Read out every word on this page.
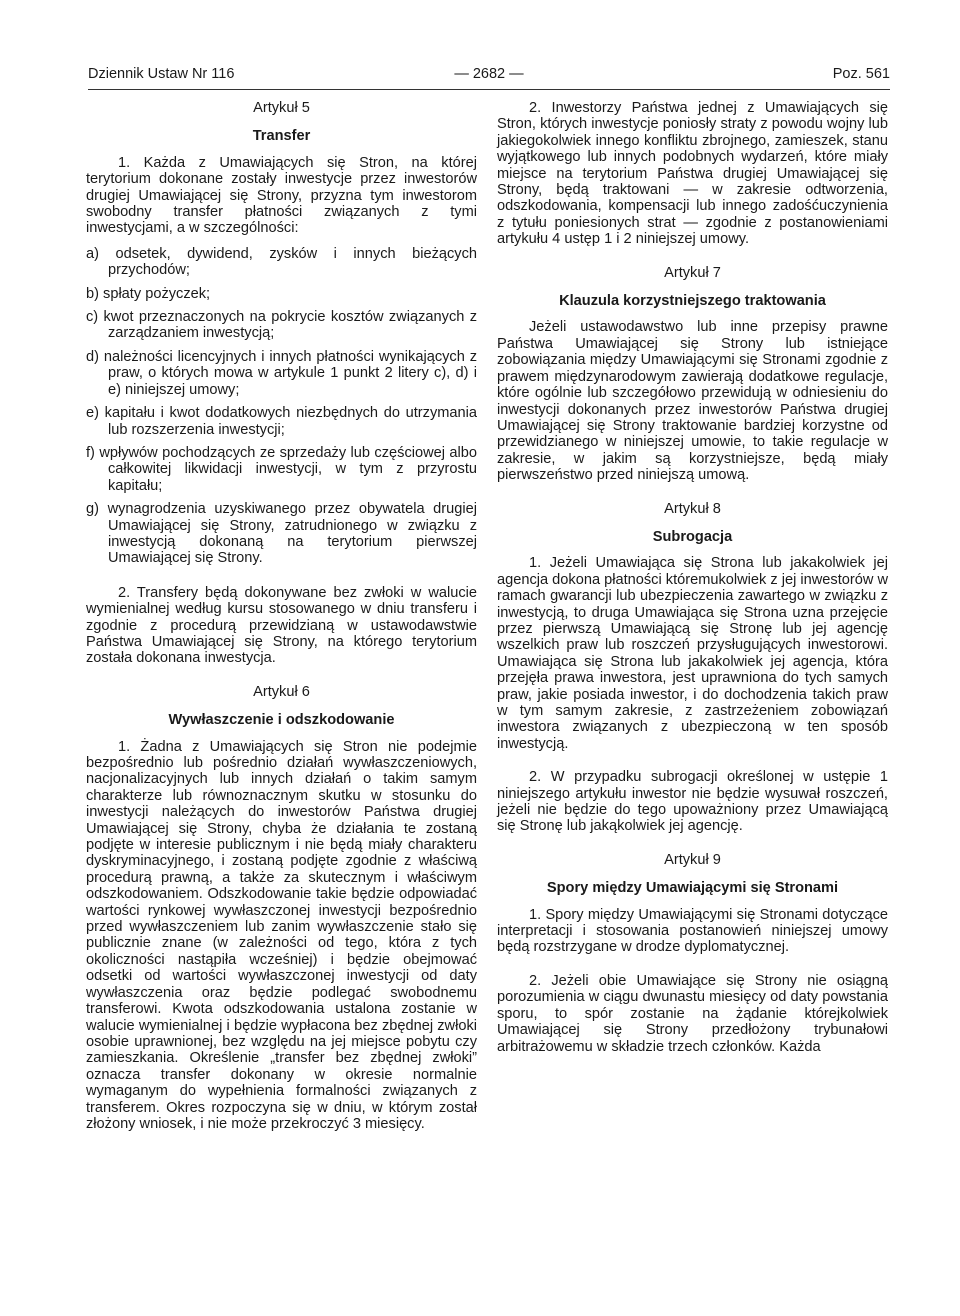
Dziennik Ustaw Nr 116	— 2682 —	Poz. 561

Artykuł 5

Transfer

1. Każda z Umawiających się Stron, na której terytorium dokonane zostały inwestycje przez inwestorów drugiej Umawiającej się Strony, przyzna tym inwestorom swobodny transfer płatności związanych z tymi inwestycjami, a w szczególności:

a) odsetek, dywidend, zysków i innych bieżących przychodów;

b) spłaty pożyczek;

c) kwot przeznaczonych na pokrycie kosztów związanych z zarządzaniem inwestycją;

d) należności licencyjnych i innych płatności wynikających z praw, o których mowa w artykule 1 punkt 2 litery c), d) i e) niniejszej umowy;

e) kapitału i kwot dodatkowych niezbędnych do utrzymania lub rozszerzenia inwestycji;

f) wpływów pochodzących ze sprzedaży lub częściowej albo całkowitej likwidacji inwestycji, w tym z przyrostu kapitału;

g) wynagrodzenia uzyskiwanego przez obywatela drugiej Umawiającej się Strony, zatrudnionego w związku z inwestycją dokonaną na terytorium pierwszej Umawiającej się Strony.

2. Transfery będą dokonywane bez zwłoki w walucie wymienialnej według kursu stosowanego w dniu transferu i zgodnie z procedurą przewidzianą w ustawodawstwie Państwa Umawiającej się Strony, na którego terytorium została dokonana inwestycja.

Artykuł 6

Wywłaszczenie i odszkodowanie

1. Żadna z Umawiających się Stron nie podejmie bezpośrednio lub pośrednio działań wywłaszczeniowych, nacjonalizacyjnych lub innych działań o takim samym charakterze lub równoznacznym skutku w stosunku do inwestycji należących do inwestorów Państwa drugiej Umawiającej się Strony, chyba że działania te zostaną podjęte w interesie publicznym i nie będą miały charakteru dyskryminacyjnego, i zostaną podjęte zgodnie z właściwą procedurą prawną, a także za skutecznym i właściwym odszkodowaniem. Odszkodowanie takie będzie odpowiadać wartości rynkowej wywłaszczonej inwestycji bezpośrednio przed wywłaszczeniem lub zanim wywłaszczenie stało się publicznie znane (w zależności od tego, która z tych okoliczności nastąpiła wcześniej) i będzie obejmować odsetki od wartości wywłaszczonej inwestycji od daty wywłaszczenia oraz będzie podlegać swobodnemu transferowi. Kwota odszkodowania ustalona zostanie w walucie wymienialnej i będzie wypłacona bez zbędnej zwłoki osobie uprawnionej, bez względu na jej miejsce pobytu czy zamieszkania. Określenie „transfer bez zbędnej zwłoki” oznacza transfer dokonany w okresie normalnie wymaganym do wypełnienia formalności związanych z transferem. Okres rozpoczyna się w dniu, w którym został złożony wniosek, i nie może przekroczyć 3 miesięcy.

2. Inwestorzy Państwa jednej z Umawiających się Stron, których inwestycje poniosły straty z powodu wojny lub jakiegokolwiek innego konfliktu zbrojnego, zamieszek, stanu wyjątkowego lub innych podobnych wydarzeń, które miały miejsce na terytorium Państwa drugiej Umawiającej się Strony, będą traktowani — w zakresie odtworzenia, odszkodowania, kompensacji lub innego zadośćuczynienia z tytułu poniesionych strat — zgodnie z postanowieniami artykułu 4 ustęp 1 i 2 niniejszej umowy.

Artykuł 7

Klauzula korzystniejszego traktowania

Jeżeli ustawodawstwo lub inne przepisy prawne Państwa Umawiającej się Strony lub istniejące zobowiązania między Umawiającymi się Stronami zgodnie z prawem międzynarodowym zawierają dodatkowe regulacje, które ogólnie lub szczegółowo przewidują w odniesieniu do inwestycji dokonanych przez inwestorów Państwa drugiej Umawiającej się Strony traktowanie bardziej korzystne od przewidzianego w niniejszej umowie, to takie regulacje w zakresie, w jakim są korzystniejsze, będą miały pierwszeństwo przed niniejszą umową.

Artykuł 8

Subrogacja

1. Jeżeli Umawiająca się Strona lub jakakolwiek jej agencja dokona płatności któremukolwiek z jej inwestorów w ramach gwarancji lub ubezpieczenia zawartego w związku z inwestycją, to druga Umawiająca się Strona uzna przejęcie przez pierwszą Umawiającą się Stronę lub jej agencję wszelkich praw lub roszczeń przysługujących inwestorowi. Umawiająca się Strona lub jakakolwiek jej agencja, która przejęła prawa inwestora, jest uprawniona do tych samych praw, jakie posiada inwestor, i do dochodzenia takich praw w tym samym zakresie, z zastrzeżeniem zobowiązań inwestora związanych z ubezpieczoną w ten sposób inwestycją.

2. W przypadku subrogacji określonej w ustępie 1 niniejszego artykułu inwestor nie będzie wysuwał roszczeń, jeżeli nie będzie do tego upoważniony przez Umawiającą się Stronę lub jakąkolwiek jej agencję.

Artykuł 9

Spory między Umawiającymi się Stronami

1. Spory między Umawiającymi się Stronami dotyczące interpretacji i stosowania postanowień niniejszej umowy będą rozstrzygane w drodze dyplomatycznej.

2. Jeżeli obie Umawiające się Strony nie osiągną porozumienia w ciągu dwunastu miesięcy od daty powstania sporu, to spór zostanie na żądanie którejkolwiek Umawiającej się Strony przedłożony trybunałowi arbitrażowemu w składzie trzech członków. Każda
